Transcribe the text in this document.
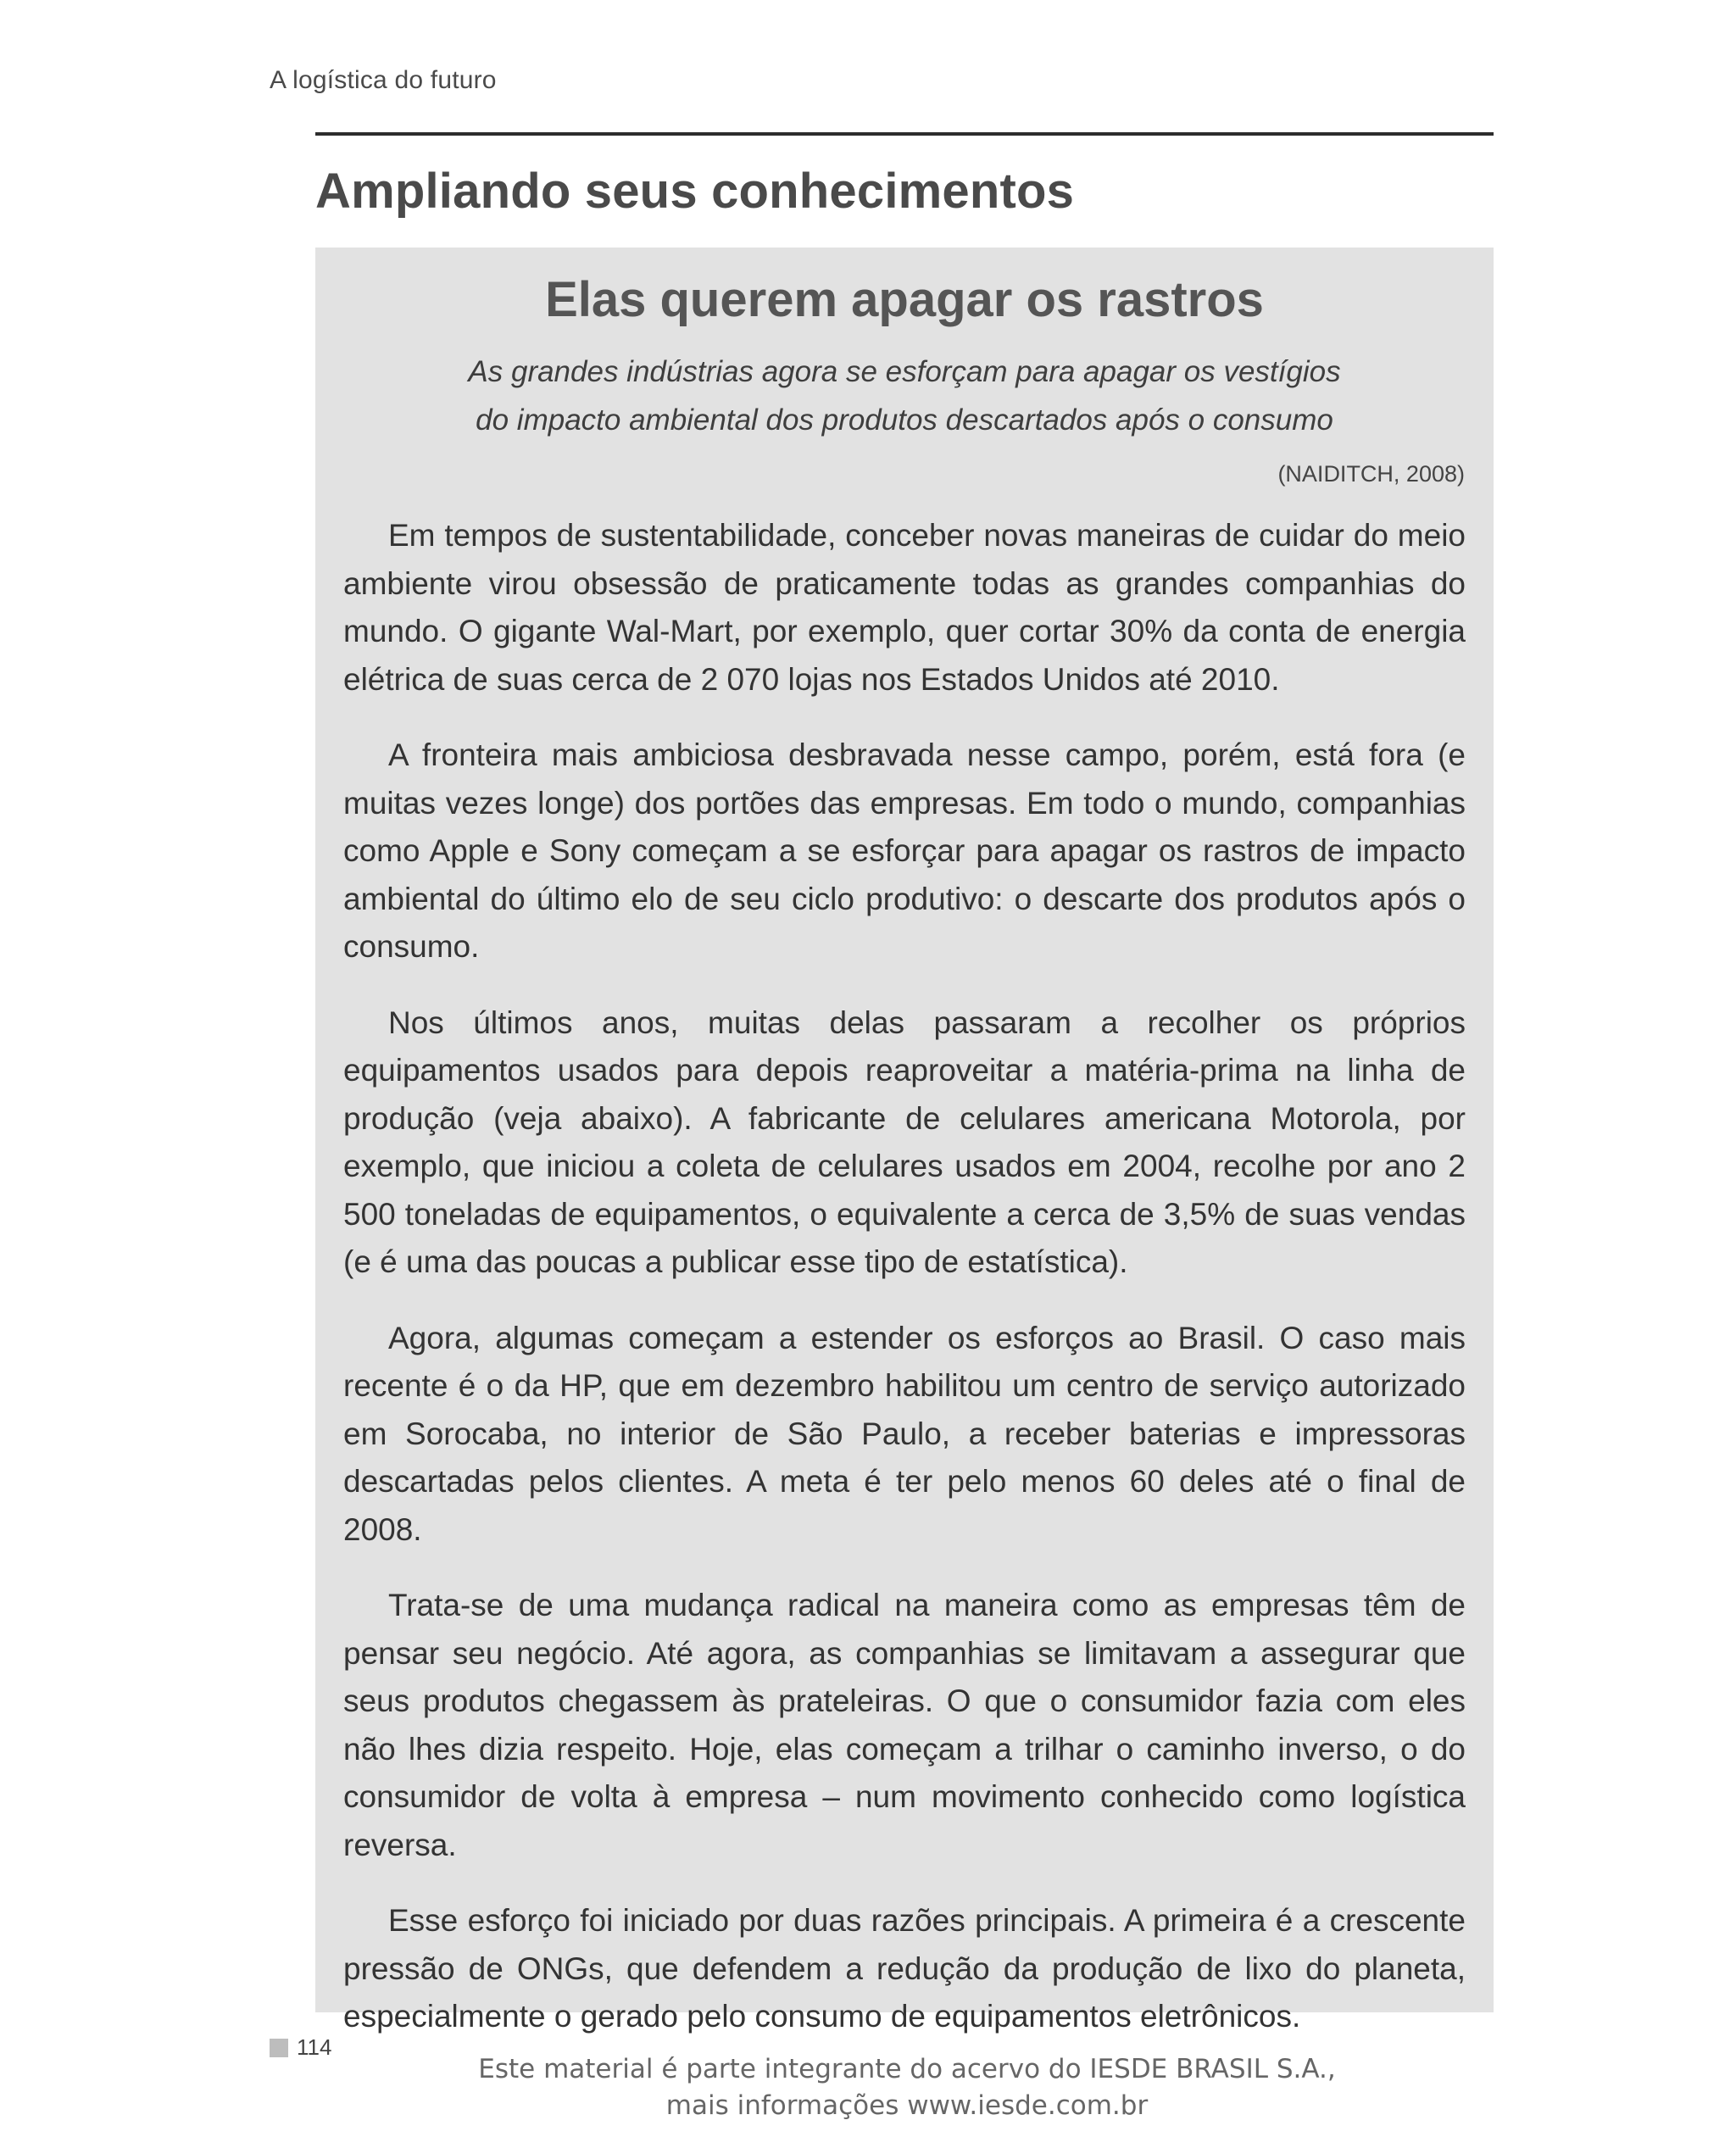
A logística do futuro
Ampliando seus conhecimentos
Elas querem apagar os rastros
As grandes indústrias agora se esforçam para apagar os vestígios
do impacto ambiental dos produtos descartados após o consumo
(NAIDITCH, 2008)

Em tempos de sustentabilidade, conceber novas maneiras de cuidar do meio ambiente virou obsessão de praticamente todas as grandes companhias do mundo. O gigante Wal-Mart, por exemplo, quer cortar 30% da conta de energia elétrica de suas cerca de 2 070 lojas nos Estados Unidos até 2010.

A fronteira mais ambiciosa desbravada nesse campo, porém, está fora (e muitas vezes longe) dos portões das empresas. Em todo o mundo, companhias como Apple e Sony começam a se esforçar para apagar os rastros de impacto ambiental do último elo de seu ciclo produtivo: o descarte dos produtos após o consumo.

Nos últimos anos, muitas delas passaram a recolher os próprios equipamentos usados para depois reaproveitar a matéria-prima na linha de produção (veja abaixo). A fabricante de celulares americana Motorola, por exemplo, que iniciou a coleta de celulares usados em 2004, recolhe por ano 2 500 toneladas de equipamentos, o equivalente a cerca de 3,5% de suas vendas (e é uma das poucas a publicar esse tipo de estatística).

Agora, algumas começam a estender os esforços ao Brasil. O caso mais recente é o da HP, que em dezembro habilitou um centro de serviço autorizado em Sorocaba, no interior de São Paulo, a receber baterias e impressoras descartadas pelos clientes. A meta é ter pelo menos 60 deles até o final de 2008.

Trata-se de uma mudança radical na maneira como as empresas têm de pensar seu negócio. Até agora, as companhias se limitavam a assegurar que seus produtos chegassem às prateleiras. O que o consumidor fazia com eles não lhes dizia respeito. Hoje, elas começam a trilhar o caminho inverso, o do consumidor de volta à empresa – num movimento conhecido como logística reversa.

Esse esforço foi iniciado por duas razões principais. A primeira é a crescente pressão de ONGs, que defendem a redução da produção de lixo do planeta, especialmente o gerado pelo consumo de equipamentos eletrônicos.

114
Este material é parte integrante do acervo do IESDE BRASIL S.A.,
mais informações www.iesde.com.br
